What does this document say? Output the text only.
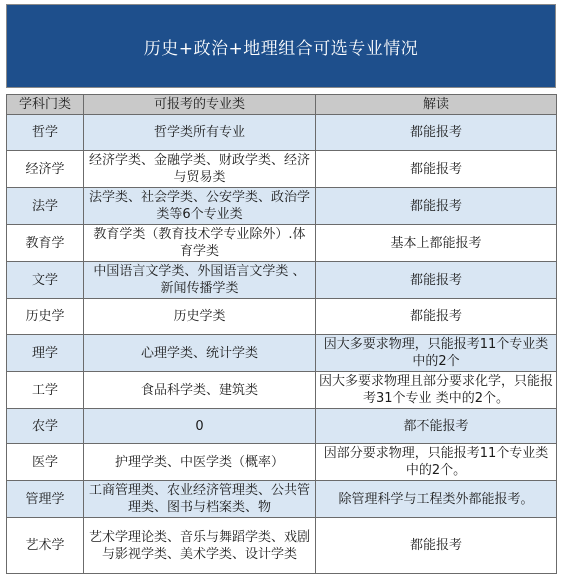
历史+政治+地理组合可选专业情况
学科门类	可报考的专业类	解读
哲学	哲学类所有专业	都能报考
经济学	经济学类、金融学类、财政学类、经济与贸易类	都能报考
法学	法学类、社会学类、公安学类、政治学类等6个专业类	都能报考
教育学	教育学类（教育技术学专业除外）.体育学类	基本上都能报考
文学	中国语言文学类、外国语言文学类 、新闻传播学类	都能报考
历史学	历史学类	都能报考
理学	心理学类、统计学类	因大多要求物理，只能报考11个专业类中的2个
工学	食品科学类、建筑类	因大多要求物理且部分要求化学，只能报考31个专业 类中的2个。
农学	0	都不能报考
医学	护理学类、中医学类（概率）	因部分要求物理，只能报考11个专业类中的2个。
管理学	工商管理类、农业经济管理类、公共管理类、图书与档案类、物	除管理科学与工程类外都能报考。
艺术学	艺术学理论类、音乐与舞蹈学类、戏剧与影视学类、美术学类、设计学类	都能报考
